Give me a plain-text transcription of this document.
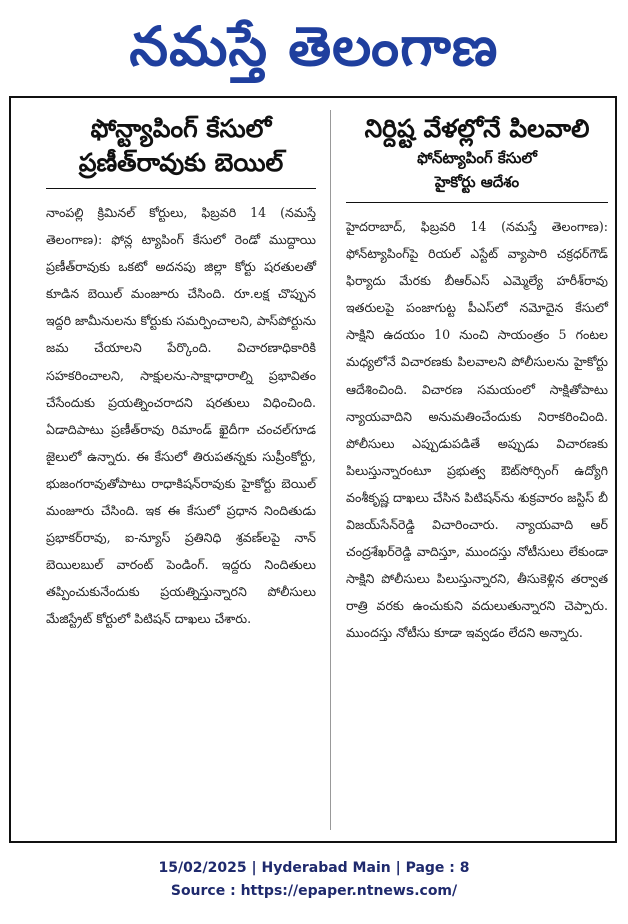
నమస్తే తెలంగాణ
ఫోన్ట్యాపింగ్ కేసులో ప్రణీత్‌రావుకు బెయిల్
నాంపల్లి క్రిమినల్ కోర్టులు, ఫిబ్రవరి 14 (నమస్తే తెలంగాణ): ఫోన్ల ట్యాపింగ్ కేసులో రెండో ముద్దాయి ప్రణీత్‌రావుకు ఒకటో అదనపు జిల్లా కోర్టు షరతులతో కూడిన బెయిల్ మంజూరు చేసింది. రూ.లక్ష చొప్పున ఇద్దరి జామీనులను కోర్టుకు సమర్పించాలని, పాస్‌పోర్టును జమ చేయాలని పేర్కొంది. విచారణాధికారికి సహకరించాలని, సాక్షులను-సాక్షాధారాల్ని ప్రభావితం చేసేందుకు ప్రయత్నించరాదని షరతులు విధించింది. ఏడాదిపాటు ప్రణీత్‌రావు రిమాండ్ ఖైదీగా చంచల్‌గూడ జైలులో ఉన్నారు. ఈ కేసులో తిరుపతన్నకు సుప్రీంకోర్టు, భుజంగరావుతోపాటు రాధాకిషన్‌రావుకు హైకోర్టు బెయిల్ మంజూరు చేసింది. ఇక ఈ కేసులో ప్రధాన నిందితుడు ప్రభాకర్‌రావు, ఐ-న్యూస్ ప్రతినిధి శ్రవణ్‌లపై నాన్ బెయిలబుల్ వారంట్ పెండింగ్. ఇద్దరు నిందితులు తప్పించుకునేందుకు ప్రయత్నిస్తున్నారని పోలీసులు మేజిస్ట్రేట్ కోర్టులో పిటిషన్ దాఖలు చేశారు.
నిర్దిష్ట వేళల్లోనే పిలవాలి
ఫోన్‌ట్యాపింగ్ కేసులో
హైకోర్టు ఆదేశం
హైదరాబాద్, ఫిబ్రవరి 14 (నమస్తే తెలంగాణ): ఫోన్‌ట్యాపింగ్‌పై రియల్ ఎస్టేట్ వ్యాపారి చక్రధర్‌గౌడ్ ఫిర్యాదు మేరకు బీఆర్‌ఎస్ ఎమ్మెల్యే హరీశ్‌రావు ఇతరులపై పంజాగుట్ట పీఎస్‌లో నమోదైన కేసులో సాక్షిని ఉదయం 10 నుంచి సాయంత్రం 5 గంటల మధ్యలోనే విచారణకు పిలవాలని పోలీసులను హైకోర్టు ఆదేశించింది. విచారణ సమయంలో సాక్షితోపాటు న్యాయవాదిని అనుమతించేందుకు నిరాకరించింది. పోలీసులు ఎప్పుడుపడితే అప్పుడు విచారణకు పిలుస్తున్నారంటూ ప్రభుత్వ ఔట్‌సోర్సింగ్ ఉద్యోగి వంశీకృష్ణ దాఖలు చేసిన పిటిషన్‌ను శుక్రవారం జస్టిస్ బీ విజయ్‌సేన్‌రెడ్డి విచారించారు. న్యాయవాది ఆర్ చంద్రశేఖర్‌రెడ్డి వాదిస్తూ, ముందస్తు నోటీసులు లేకుండా సాక్షిని పోలీసులు పిలుస్తున్నారని, తీసుకెళ్లిన తర్వాత రాత్రి వరకు ఉంచుకుని వదులుతున్నారని చెప్పారు. ముందస్తు నోటీసు కూడా ఇవ్వడం లేదని అన్నారు.
15/02/2025 | Hyderabad Main | Page : 8
Source : https://epaper.ntnews.com/
